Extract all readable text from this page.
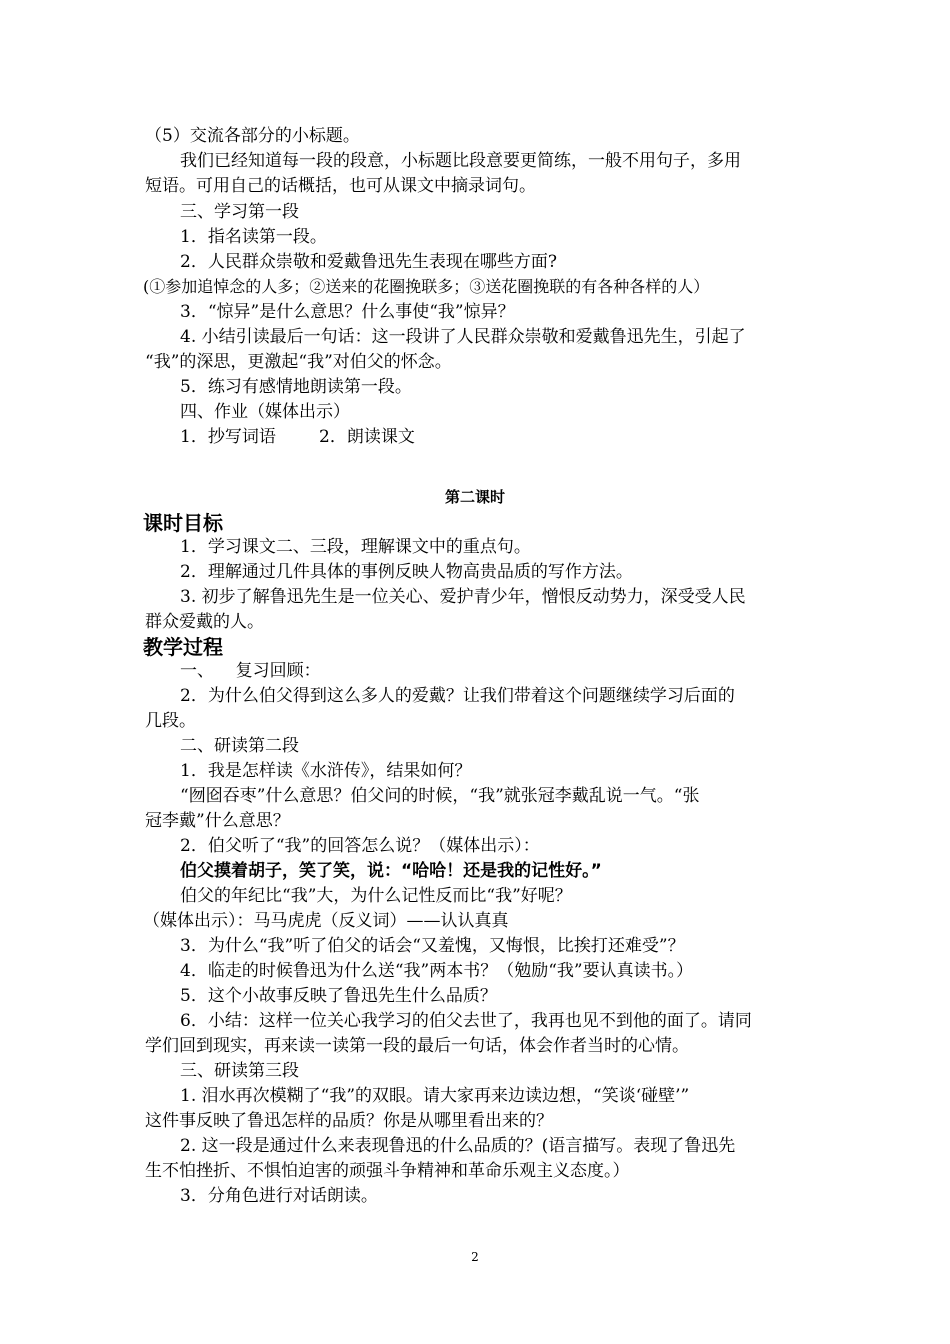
（5）交流各部分的小标题。
我们已经知道每一段的段意，小标题比段意要更简练，一般不用句子，多用
短语。可用自己的话概括，也可从课文中摘录词句。
三、学习第一段
1．指名读第一段。
2．人民群众崇敬和爱戴鲁迅先生表现在哪些方面?
(①参加追悼念的人多；②送来的花圈挽联多；③送花圈挽联的有各种各样的人）
3．“惊异”是什么意思？什么事使“我”惊异？
4. 小结引读最后一句话：这一段讲了人民群众崇敬和爱戴鲁迅先生，引起了
“我”的深思，更激起“我”对伯父的怀念。
5．练习有感情地朗读第一段。
四、作业（媒体出示）
1．抄写词语        2．朗读课文
第二课时
课时目标
1．学习课文二、三段，理解课文中的重点句。
2．理解通过几件具体的事例反映人物高贵品质的写作方法。
3. 初步了解鲁迅先生是一位关心、爱护青少年，憎恨反动势力，深受受人民
群众爱戴的人。
教学过程
一、    复习回顾：
2．为什么伯父得到这么多人的爱戴？让我们带着这个问题继续学习后面的
几段。
二、研读第二段
1．我是怎样读《水浒传》，结果如何？
“囫囵吞枣”什么意思？伯父问的时候，“我”就张冠李戴乱说一气。“张
冠李戴”什么意思？
2．伯父听了“我”的回答怎么说？（媒体出示）：
伯父摸着胡子，笑了笑，说：“哈哈！还是我的记性好。”
伯父的年纪比“我”大，为什么记性反而比“我”好呢？
（媒体出示）：马马虎虎（反义词）——认认真真
3．为什么“我”听了伯父的话会“又羞愧，又悔恨，比挨打还难受”？
4．临走的时候鲁迅为什么送“我”两本书？（勉励“我”要认真读书。）
5．这个小故事反映了鲁迅先生什么品质？
6．小结：这样一位关心我学习的伯父去世了，我再也见不到他的面了。请同
学们回到现实，再来读一读第一段的最后一句话，体会作者当时的心情。
三、研读第三段
1. 泪水再次模糊了“我”的双眼。请大家再来边读边想，“笑谈‘碰壁’”
这件事反映了鲁迅怎样的品质？你是从哪里看出来的？
2. 这一段是通过什么来表现鲁迅的什么品质的？(语言描写。表现了鲁迅先
生不怕挫折、不惧怕迫害的顽强斗争精神和革命乐观主义态度。）
3．分角色进行对话朗读。
2
